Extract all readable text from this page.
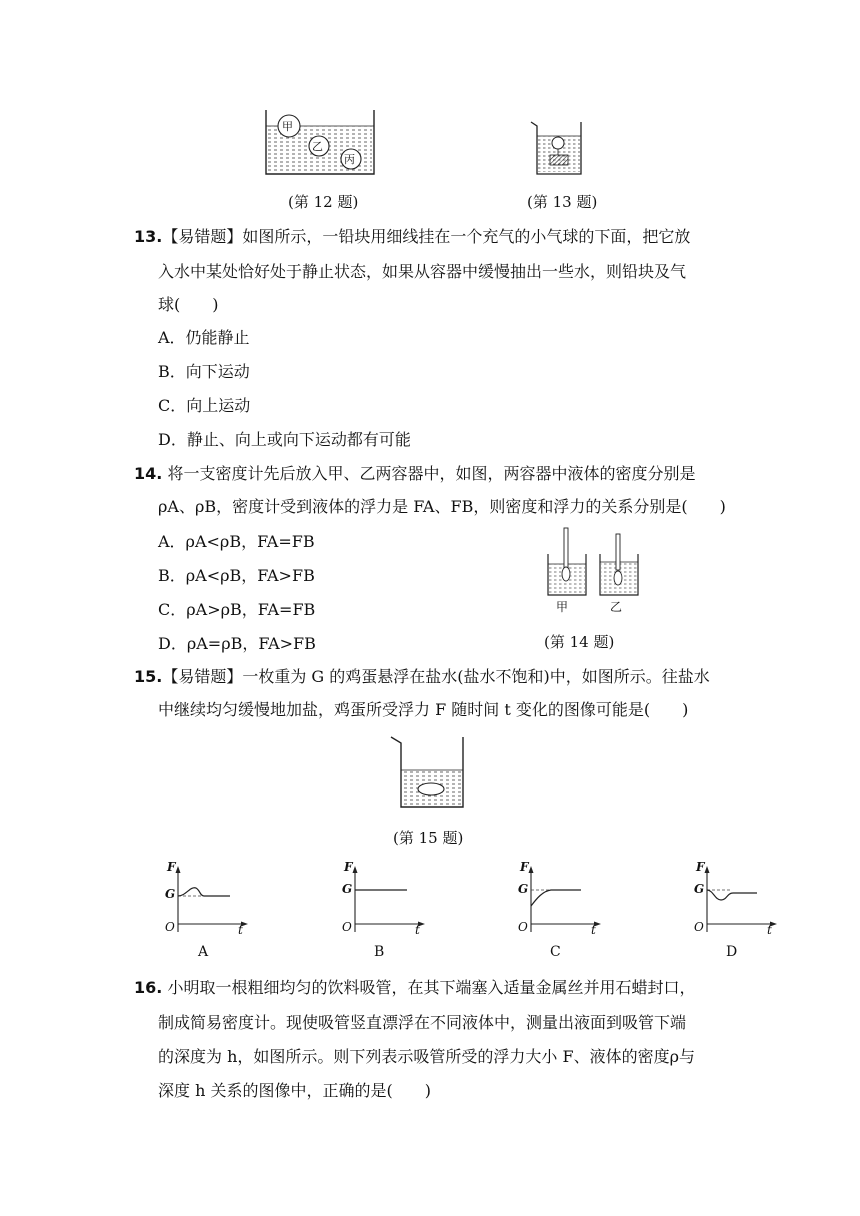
甲
乙
丙
(第 12 题)	(第 13 题)
13.【易错题】如图所示，一铅块用细线挂在一个充气的小气球的下面，把它放
入水中某处恰好处于静止状态，如果从容器中缓慢抽出一些水，则铅块及气
球(　　)
A．仍能静止
B．向下运动
C．向上运动
D．静止、向上或向下运动都有可能
14. 将一支密度计先后放入甲、乙两容器中，如图，两容器中液体的密度分别是
ρA、ρB，密度计受到液体的浮力是 FA、FB，则密度和浮力的关系分别是(　　)
A．ρA<ρB，FA=FB
B．ρA<ρB，FA>FB
C．ρA>ρB，FA=FB
D．ρA=ρB，FA>FB
甲	乙
(第 14 题)
15.【易错题】一枚重为 G 的鸡蛋悬浮在盐水(盐水不饱和)中，如图所示。往盐水
中继续均匀缓慢地加盐，鸡蛋所受浮力 F 随时间 t 变化的图像可能是(　　)
(第 15 题)
F
G
O	t
A
F
G
O	t
B
F
G
O	t
C
F
G
O	t
D
16. 小明取一根粗细均匀的饮料吸管，在其下端塞入适量金属丝并用石蜡封口，
制成简易密度计。现使吸管竖直漂浮在不同液体中，测量出液面到吸管下端
的深度为 h，如图所示。则下列表示吸管所受的浮力大小 F、液体的密度ρ与
深度 h 关系的图像中，正确的是(　　)
